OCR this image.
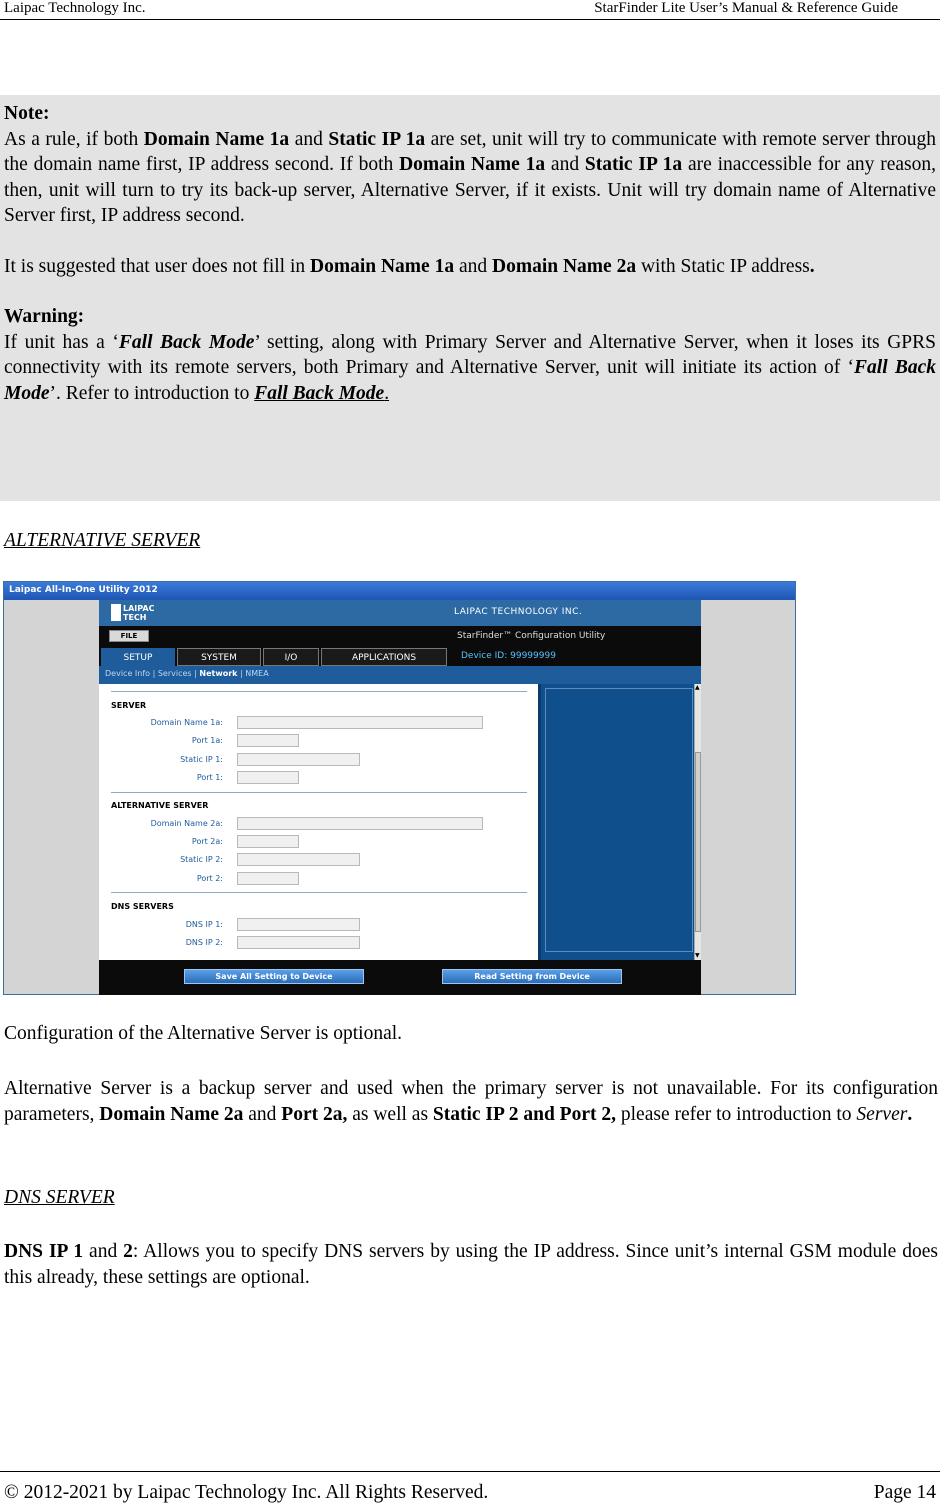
Laipac Technology Inc.	StarFinder Lite User’s Manual & Reference Guide

Note:

As a rule, if both Domain Name 1a and Static IP 1a are set, unit will try to communicate with remote server through the domain name first, IP address second. If both Domain Name 1a and Static IP 1a are inaccessible for any reason, then, unit will turn to try its back-up server, Alternative Server, if it exists. Unit will try domain name of Alternative Server first, IP address second.

It is suggested that user does not fill in Domain Name 1a and Domain Name 2a with Static IP address.

Warning:

If unit has a ‘Fall Back Mode’ setting, along with Primary Server and Alternative Server, when it loses its GPRS connectivity with its remote servers, both Primary and Alternative Server, unit will initiate its action of ‘Fall Back Mode’. Refer to introduction to Fall Back Mode.

ALTERNATIVE SERVER
Laipac All-In-One Utility 2012
LAIPAC
TECH
LAIPAC TECHNOLOGY INC.
FILE	StarFinder™ Configuration Utility
SETUP	SYSTEM	I/O	APPLICATIONS	Device ID: 99999999
Device Info | Services | Network | NMEA
SERVER
Domain Name 1a:
Port 1a:
Static IP 1:
Port 1:
ALTERNATIVE SERVER
Domain Name 2a:
Port 2a:
Static IP 2:
Port 2:
DNS SERVERS
DNS IP 1:
DNS IP 2:
▲
▼
Save All Setting to Device	Read Setting from Device
Configuration of the Alternative Server is optional.
Alternative Server is a backup server and used when the primary server is not unavailable. For its configuration parameters, Domain Name 2a and Port 2a, as well as Static IP 2 and Port 2, please refer to introduction to Server.
DNS SERVER
DNS IP 1 and 2: Allows you to specify DNS servers by using the IP address. Since unit’s internal GSM module does this already, these settings are optional.
© 2012-2021 by Laipac Technology Inc. All Rights Reserved.	Page 14
